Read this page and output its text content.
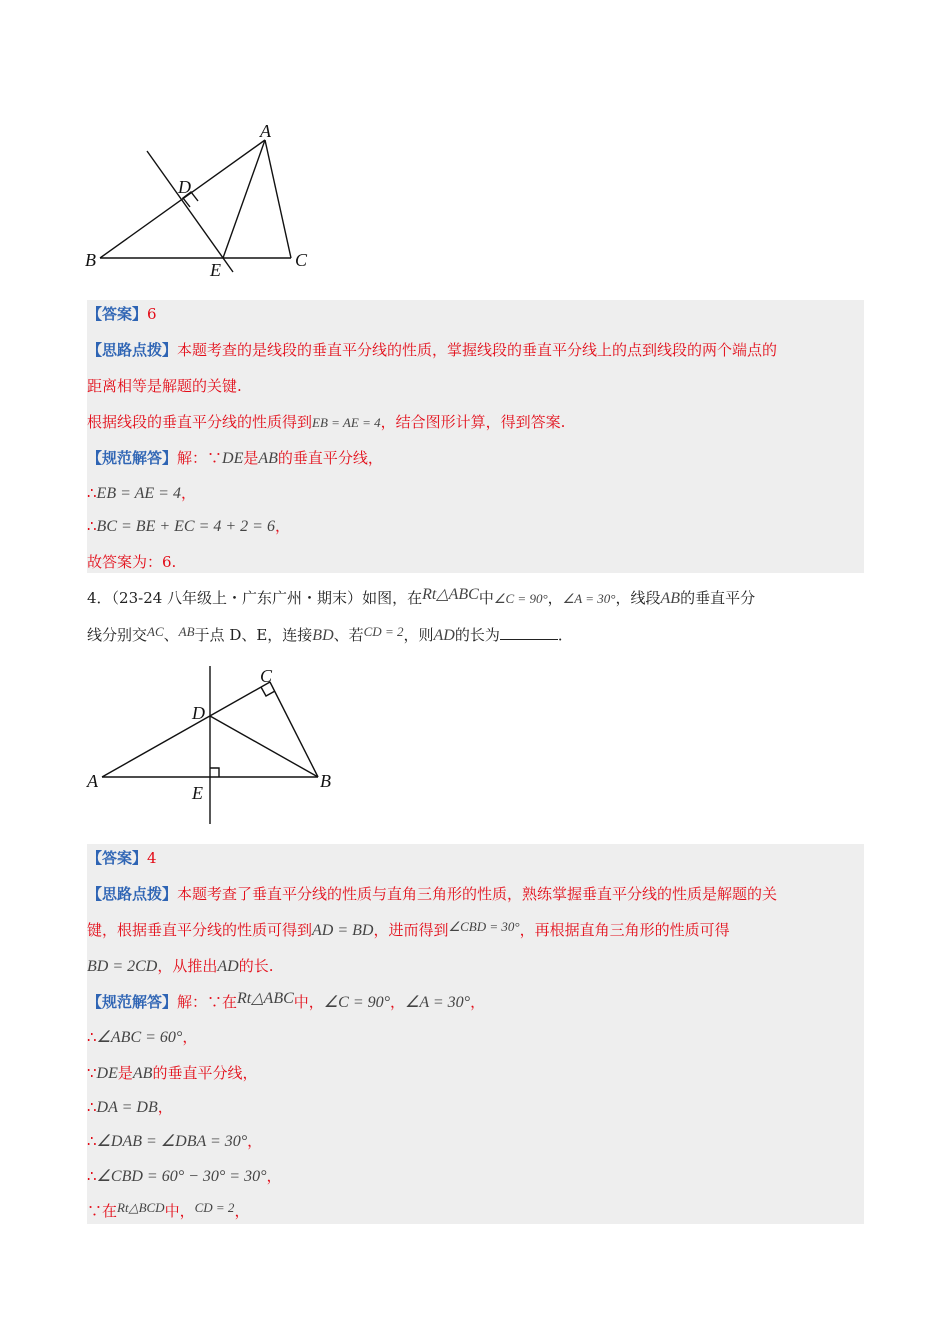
A
D
B	E	C
【答案】6
【思路点拨】本题考查的是线段的垂直平分线的性质，掌握线段的垂直平分线上的点到线段的两个端点的
距离相等是解题的关键.
根据线段的垂直平分线的性质得到EB = AE = 4，结合图形计算，得到答案.
【规范解答】解：∵DE是AB的垂直平分线，
∴EB = AE = 4，
∴BC = BE + EC = 4 + 2 = 6，
故答案为：6.
4．（23-24 八年级上・广东广州・期末）如图，在Rt△ABC中∠C = 90°，∠A = 30°，线段AB的垂直平分
线分别交AC、AB于点 D、E，连接BD、若CD = 2，则AD的长为	．
C
D
A
E
B
【答案】4
【思路点拨】本题考查了垂直平分线的性质与直角三角形的性质，熟练掌握垂直平分线的性质是解题的关
键，根据垂直平分线的性质可得到AD = BD，进而得到∠CBD = 30°，再根据直角三角形的性质可得
BD = 2CD，从推出AD的长.
【规范解答】解：∵在Rt△ABC中，∠C = 90°，∠A = 30°，
∴∠ABC = 60°，
∵DE是AB的垂直平分线，
∴DA = DB，
∴∠DAB = ∠DBA = 30°，
∴∠CBD = 60° − 30° = 30°，
∵在Rt△BCD中，CD = 2，
